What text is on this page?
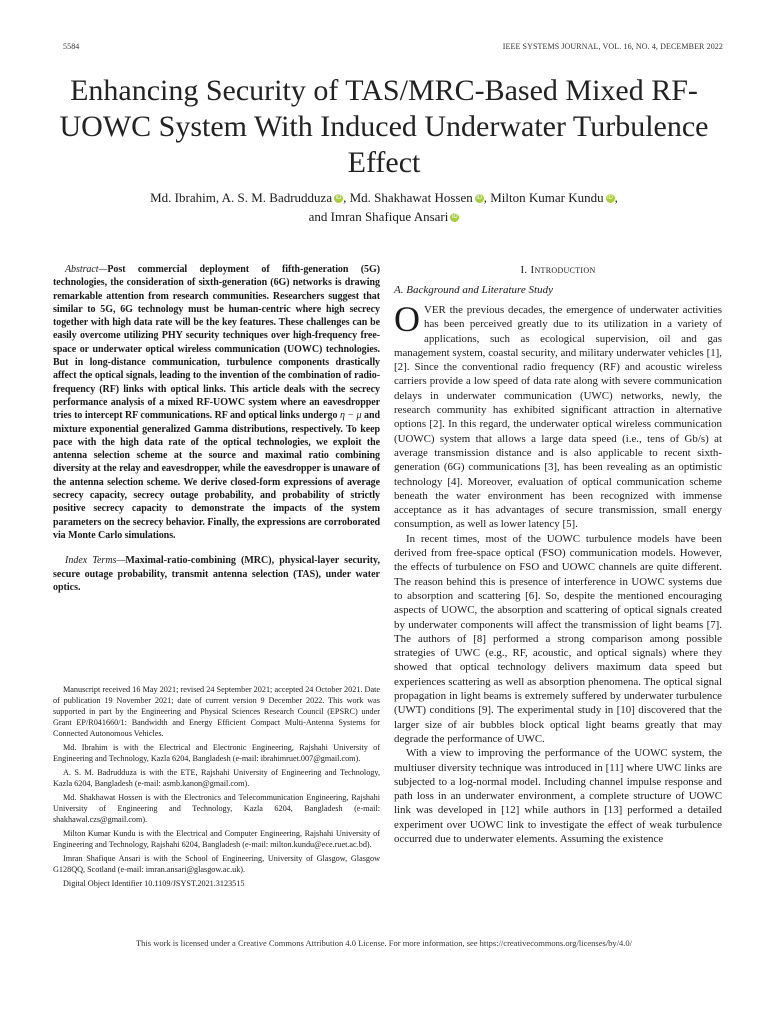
5584	IEEE SYSTEMS JOURNAL, VOL. 16, NO. 4, DECEMBER 2022
Enhancing Security of TAS/MRC-Based Mixed RF-UOWC System With Induced Underwater Turbulence Effect
Md. Ibrahim, A. S. M. Badrudduza iD , Md. Shakhawat Hossen iD , Milton Kumar Kundu iD ,
and Imran Shafique Ansari iD

Abstract—Post commercial deployment of fifth-generation (5G) technologies, the consideration of sixth-generation (6G) networks is drawing remarkable attention from research communities. Researchers suggest that similar to 5G, 6G technology must be human-centric where high secrecy together with high data rate will be the key features. These challenges can be easily overcome utilizing PHY security techniques over high-frequency free-space or underwater optical wireless communication (UOWC) technologies. But in long-distance communication, turbulence components drastically affect the optical signals, leading to the invention of the combination of radio-frequency (RF) links with optical links. This article deals with the secrecy performance analysis of a mixed RF-UOWC system where an eavesdropper tries to intercept RF communications. RF and optical links undergo η − μ and mixture exponential generalized Gamma distributions, respectively. To keep pace with the high data rate of the optical technologies, we exploit the antenna selection scheme at the source and maximal ratio combining diversity at the relay and eavesdropper, while the eavesdropper is unaware of the antenna selection scheme. We derive closed-form expressions of average secrecy capacity, secrecy outage probability, and probability of strictly positive secrecy capacity to demonstrate the impacts of the system parameters on the secrecy behavior. Finally, the expressions are corroborated via Monte Carlo simulations.

Index Terms—Maximal-ratio-combining (MRC), physical-layer security, secure outage probability, transmit antenna selection (TAS), under water optics.

Manuscript received 16 May 2021; revised 24 September 2021; accepted 24 October 2021. Date of publication 19 November 2021; date of current version 9 December 2022. This work was supported in part by the Engineering and Physical Sciences Research Council (EPSRC) under Grant EP/R041660/1: Bandwidth and Energy Efficient Compact Multi-Antenna Systems for Connected Autonomous Vehicles.

Md. Ibrahim is with the Electrical and Electronic Engineering, Rajshahi University of Engineering and Technology, Kazla 6204, Bangladesh (e-mail: ibrahimruet.007@gmail.com).

A. S. M. Badrudduza is with the ETE, Rajshahi University of Engineering and Technology, Kazla 6204, Bangladesh (e-mail: asmb.kanon@gmail.com).

Md. Shakhawat Hossen is with the Electronics and Telecommunication Engineering, Rajshahi University of Engineering and Technology, Kazla 6204, Bangladesh (e-mail: shakhawal.czs@gmail.com).

Milton Kumar Kundu is with the Electrical and Computer Engineering, Rajshahi University of Engineering and Technology, Rajshahi 6204, Bangladesh (e-mail: milton.kundu@ece.ruet.ac.bd).

Imran Shafique Ansari is with the School of Engineering, University of Glasgow, Glasgow G128QQ, Scotland (e-mail: imran.ansari@glasgow.ac.uk).

Digital Object Identifier 10.1109/JSYST.2021.3123515

I. Introduction
A. Background and Literature Study

OVER the previous decades, the emergence of underwater activities has been perceived greatly due to its utilization in a variety of applications, such as ecological supervision, oil and gas management system, coastal security, and military underwater vehicles [1], [2]. Since the conventional radio frequency (RF) and acoustic wireless carriers provide a low speed of data rate along with severe communication delays in underwater communication (UWC) networks, newly, the research community has exhibited significant attraction in alternative options [2]. In this regard, the underwater optical wireless communication (UOWC) system that allows a large data speed (i.e., tens of Gb/s) at average transmission distance and is also applicable to recent sixth-generation (6G) communications [3], has been revealing as an optimistic technology [4]. Moreover, evaluation of optical communication scheme beneath the water environment has been recognized with immense acceptance as it has advantages of secure transmission, small energy consumption, as well as lower latency [5].

In recent times, most of the UOWC turbulence models have been derived from free-space optical (FSO) communication models. However, the effects of turbulence on FSO and UOWC channels are quite different. The reason behind this is presence of interference in UOWC systems due to absorption and scattering [6]. So, despite the mentioned encouraging aspects of UOWC, the absorption and scattering of optical signals created by underwater components will affect the transmission of light beams [7]. The authors of [8] performed a strong comparison among possible strategies of UWC (e.g., RF, acoustic, and optical signals) where they showed that optical technology delivers maximum data speed but experiences scattering as well as absorption phenomena. The optical signal propagation in light beams is extremely suffered by underwater turbulence (UWT) conditions [9]. The experimental study in [10] discovered that the larger size of air bubbles block optical light beams greatly that may degrade the performance of UWC.

With a view to improving the performance of the UOWC system, the multiuser diversity technique was introduced in [11] where UWC links are subjected to a log-normal model. Including channel impulse response and path loss in an underwater environment, a complete structure of UOWC link was developed in [12] while authors in [13] performed a detailed experiment over UOWC link to investigate the effect of weak turbulence occurred due to underwater elements. Assuming the existence

This work is licensed under a Creative Commons Attribution 4.0 License. For more information, see https://creativecommons.org/licenses/by/4.0/
